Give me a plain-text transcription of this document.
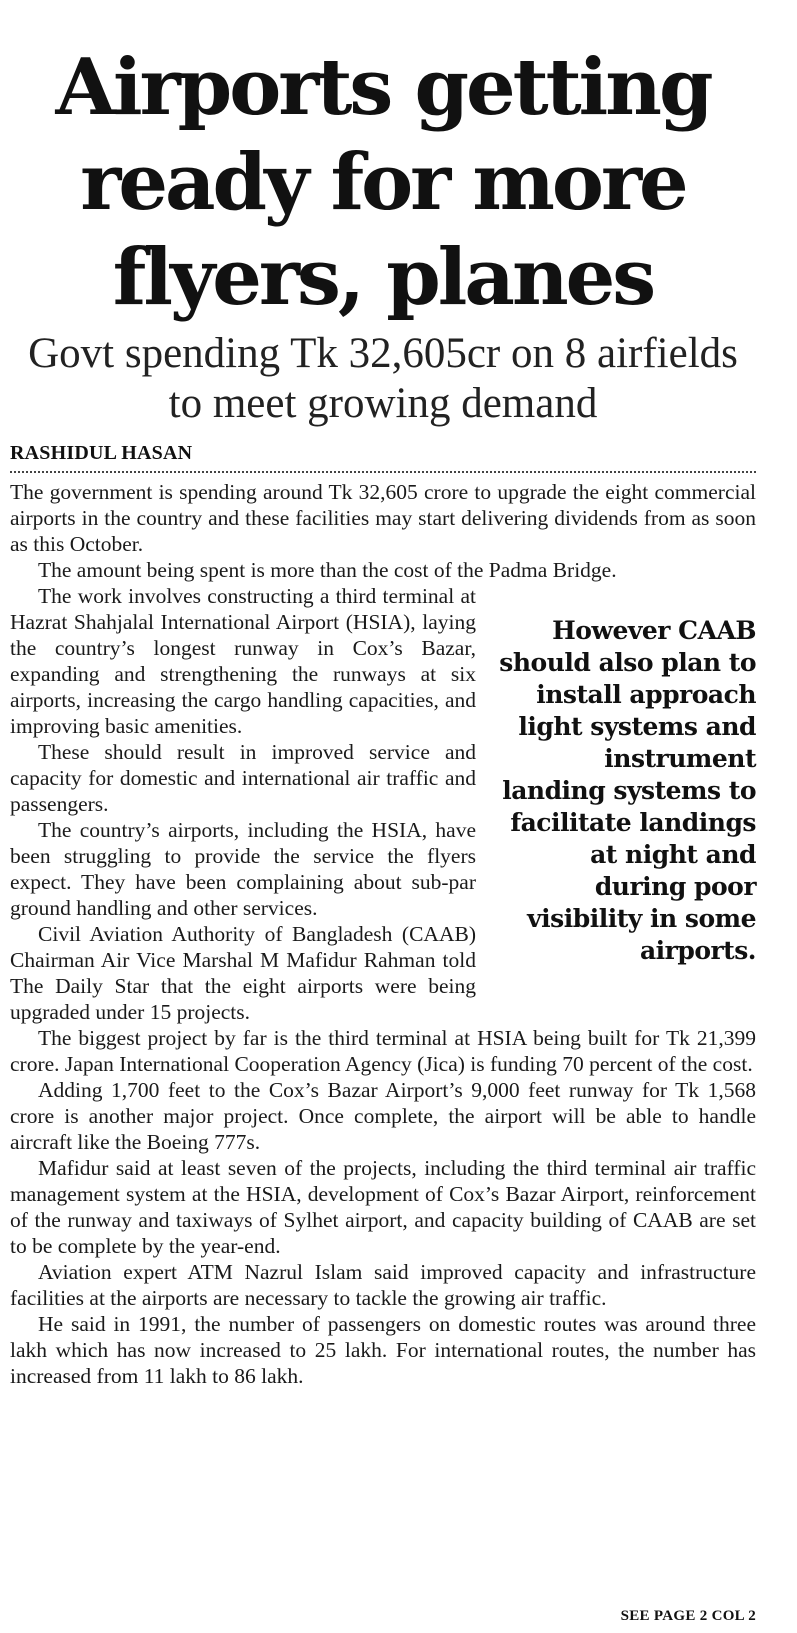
Airports getting ready for more flyers, planes
Govt spending Tk 32,605cr on 8 airfields to meet growing demand
RASHIDUL HASAN

The government is spending around Tk 32,605 crore to upgrade the eight commercial airports in the country and these facilities may start delivering dividends from as soon as this October.

The amount being spent is more than the cost of the Padma Bridge.

However CAAB should also plan to install approach light systems and instrument landing systems to facilitate landings at night and during poor visibility in some airports.

The work involves constructing a third terminal at Hazrat Shahjalal International Airport (HSIA), laying the country’s longest runway in Cox’s Bazar, expanding and strengthening the runways at six airports, increasing the cargo handling capacities, and improving basic amenities.

These should result in improved service and capacity for domestic and international air traffic and passengers.

The country’s airports, including the HSIA, have been struggling to provide the service the flyers expect. They have been complaining about sub-par ground handling and other services.

Civil Aviation Authority of Bangladesh (CAAB) Chairman Air Vice Marshal M Mafidur Rahman told The Daily Star that the eight airports were being upgraded under 15 projects.

The biggest project by far is the third terminal at HSIA being built for Tk 21,399 crore. Japan International Cooperation Agency (Jica) is funding 70 percent of the cost.

Adding 1,700 feet to the Cox’s Bazar Airport’s 9,000 feet runway for Tk 1,568 crore is another major project. Once complete, the airport will be able to handle aircraft like the Boeing 777s.

Mafidur said at least seven of the projects, including the third terminal air traffic management system at the HSIA, development of Cox’s Bazar Airport, reinforcement of the runway and taxiways of Sylhet airport, and capacity building of CAAB are set to be complete by the year-end.

Aviation expert ATM Nazrul Islam said improved capacity and infrastructure facilities at the airports are necessary to tackle the growing air traffic.

He said in 1991, the number of passengers on domestic routes was around three lakh which has now increased to 25 lakh. For international routes, the number has increased from 11 lakh to 86 lakh.

SEE PAGE 2 COL 2
